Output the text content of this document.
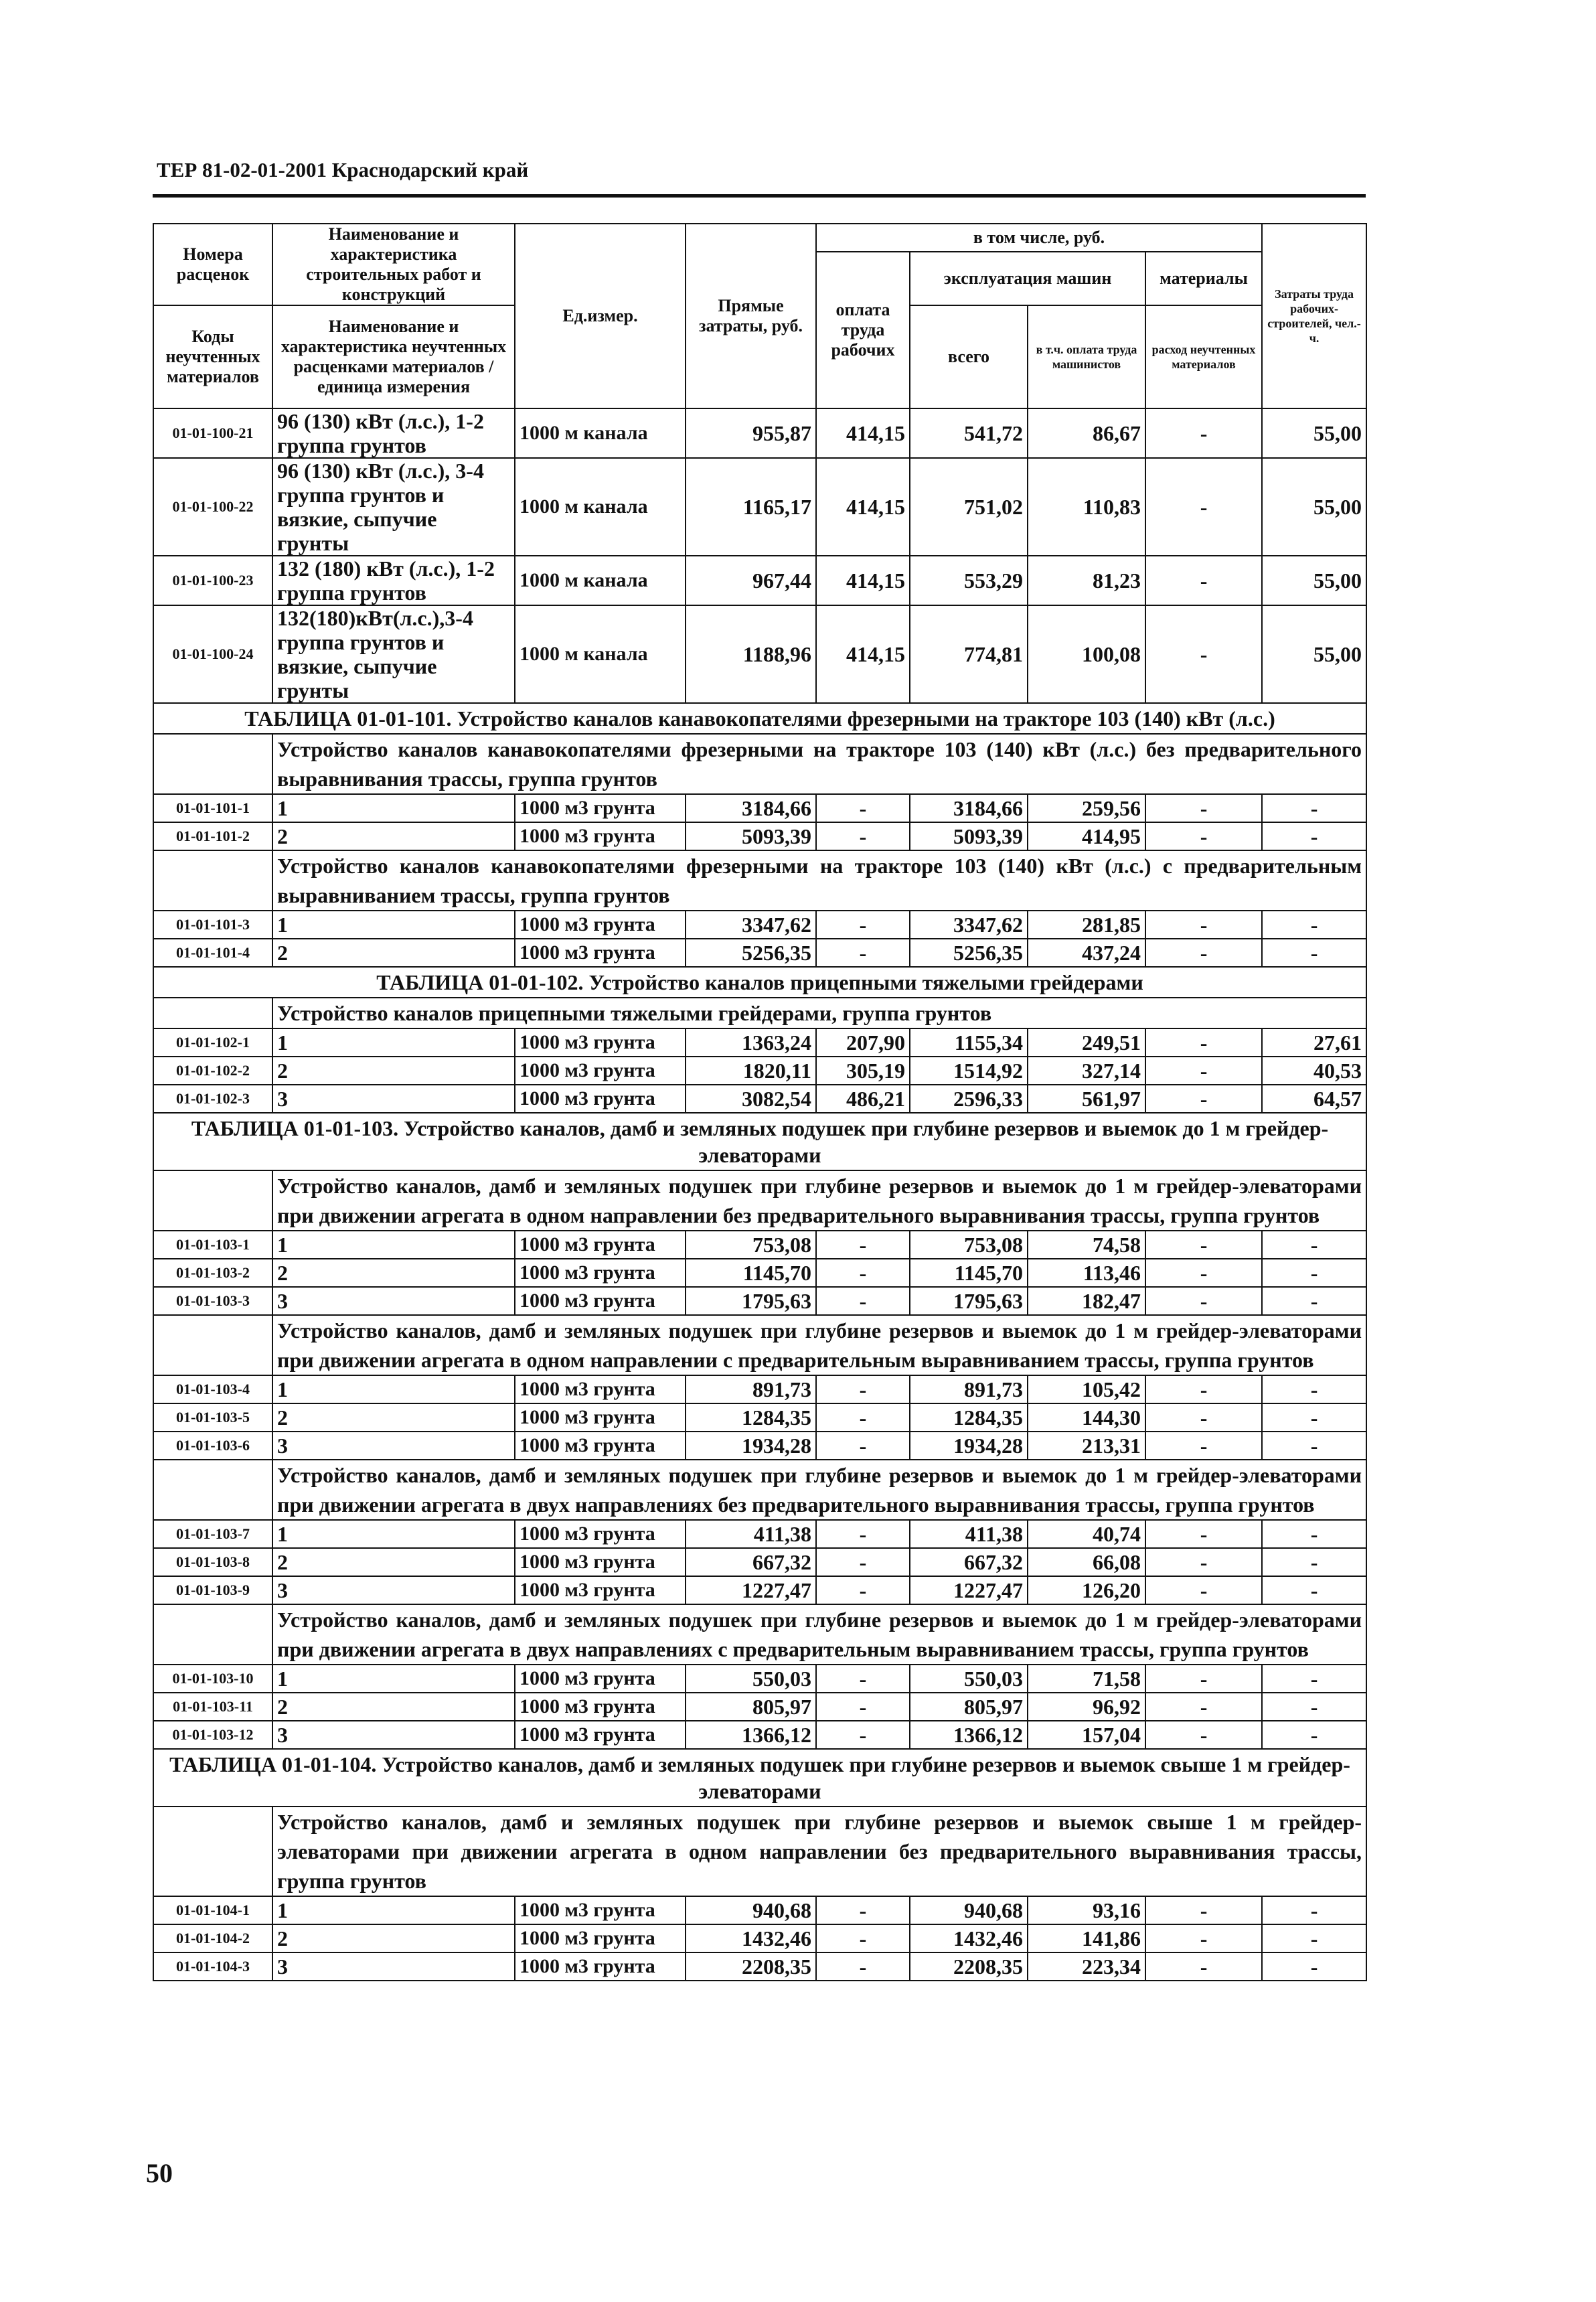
ТЕР 81-02-01-2001 Краснодарский край
Номера расценок	Наименование и характеристика строительных работ и конструкций	Ед.измер.	Прямые затраты, руб.	в том числе, руб.				Затраты труда рабочих-строителей, чел.-ч.
				оплата труда рабочих	эксплуатация машин		материалы	
Коды неучтенных материалов	Наименование и характеристика неучтенных расценками материалов / единица измерения				всего	в т.ч. оплата труда машинистов	расход неучтенных материалов	

01-01-100-21	96 (130) кВт (л.с.), 1-2 группа грунтов	1000 м канала	955,87	414,15	541,72	86,67	-	55,00
01-01-100-22	96 (130) кВт (л.с.), 3-4 группа грунтов и вязкие, сыпучие грунты	1000 м канала	1165,17	414,15	751,02	110,83	-	55,00
01-01-100-23	132 (180) кВт (л.с.), 1-2 группа грунтов	1000 м канала	967,44	414,15	553,29	81,23	-	55,00
01-01-100-24	132(180)кВт(л.с.),3-4 группа грунтов и вязкие, сыпучие грунты	1000 м канала	1188,96	414,15	774,81	100,08	-	55,00
ТАБЛИЦА 01-01-101. Устройство каналов канавокопателями фрезерными на тракторе 103 (140) кВт (л.с.)								
	Устройство каналов канавокопателями фрезерными на тракторе 103 (140) кВт (л.с.) без предварительного выравнивания трассы, группа грунтов							
01-01-101-1	1	1000 м3 грунта	3184,66	-	3184,66	259,56	-	-
01-01-101-2	2	1000 м3 грунта	5093,39	-	5093,39	414,95	-	-
	Устройство каналов канавокопателями фрезерными на тракторе 103 (140) кВт (л.с.) с предварительным выравниванием трассы, группа грунтов							
01-01-101-3	1	1000 м3 грунта	3347,62	-	3347,62	281,85	-	-
01-01-101-4	2	1000 м3 грунта	5256,35	-	5256,35	437,24	-	-
ТАБЛИЦА 01-01-102. Устройство каналов прицепными тяжелыми грейдерами								
	Устройство каналов прицепными тяжелыми грейдерами, группа грунтов							
01-01-102-1	1	1000 м3 грунта	1363,24	207,90	1155,34	249,51	-	27,61
01-01-102-2	2	1000 м3 грунта	1820,11	305,19	1514,92	327,14	-	40,53
01-01-102-3	3	1000 м3 грунта	3082,54	486,21	2596,33	561,97	-	64,57
ТАБЛИЦА 01-01-103. Устройство каналов, дамб и земляных подушек при глубине резервов и выемок до 1 м грейдер-элеваторами								
	Устройство каналов, дамб и земляных подушек при глубине резервов и выемок до 1 м грейдер-элеваторами при движении агрегата в одном направлении без предварительного выравнивания трассы, группа грунтов							
01-01-103-1	1	1000 м3 грунта	753,08	-	753,08	74,58	-	-
01-01-103-2	2	1000 м3 грунта	1145,70	-	1145,70	113,46	-	-
01-01-103-3	3	1000 м3 грунта	1795,63	-	1795,63	182,47	-	-
	Устройство каналов, дамб и земляных подушек при глубине резервов и выемок до 1 м грейдер-элеваторами при движении агрегата в одном направлении с предварительным выравниванием трассы, группа грунтов							
01-01-103-4	1	1000 м3 грунта	891,73	-	891,73	105,42	-	-
01-01-103-5	2	1000 м3 грунта	1284,35	-	1284,35	144,30	-	-
01-01-103-6	3	1000 м3 грунта	1934,28	-	1934,28	213,31	-	-
	Устройство каналов, дамб и земляных подушек при глубине резервов и выемок до 1 м грейдер-элеваторами при движении агрегата в двух направлениях без предварительного выравнивания трассы, группа грунтов							
01-01-103-7	1	1000 м3 грунта	411,38	-	411,38	40,74	-	-
01-01-103-8	2	1000 м3 грунта	667,32	-	667,32	66,08	-	-
01-01-103-9	3	1000 м3 грунта	1227,47	-	1227,47	126,20	-	-
	Устройство каналов, дамб и земляных подушек при глубине резервов и выемок до 1 м грейдер-элеваторами при движении агрегата в двух направлениях с предварительным выравниванием трассы, группа грунтов							
01-01-103-10	1	1000 м3 грунта	550,03	-	550,03	71,58	-	-
01-01-103-11	2	1000 м3 грунта	805,97	-	805,97	96,92	-	-
01-01-103-12	3	1000 м3 грунта	1366,12	-	1366,12	157,04	-	-
ТАБЛИЦА 01-01-104. Устройство каналов, дамб и земляных подушек при глубине резервов и выемок свыше 1 м грейдер-элеваторами								
	Устройство каналов, дамб и земляных подушек при глубине резервов и выемок свыше 1 м грейдер-элеваторами при движении агрегата в одном направлении без предварительного выравнивания трассы, группа грунтов							
01-01-104-1	1	1000 м3 грунта	940,68	-	940,68	93,16	-	-
01-01-104-2	2	1000 м3 грунта	1432,46	-	1432,46	141,86	-	-
01-01-104-3	3	1000 м3 грунта	2208,35	-	2208,35	223,34	-	-
50
